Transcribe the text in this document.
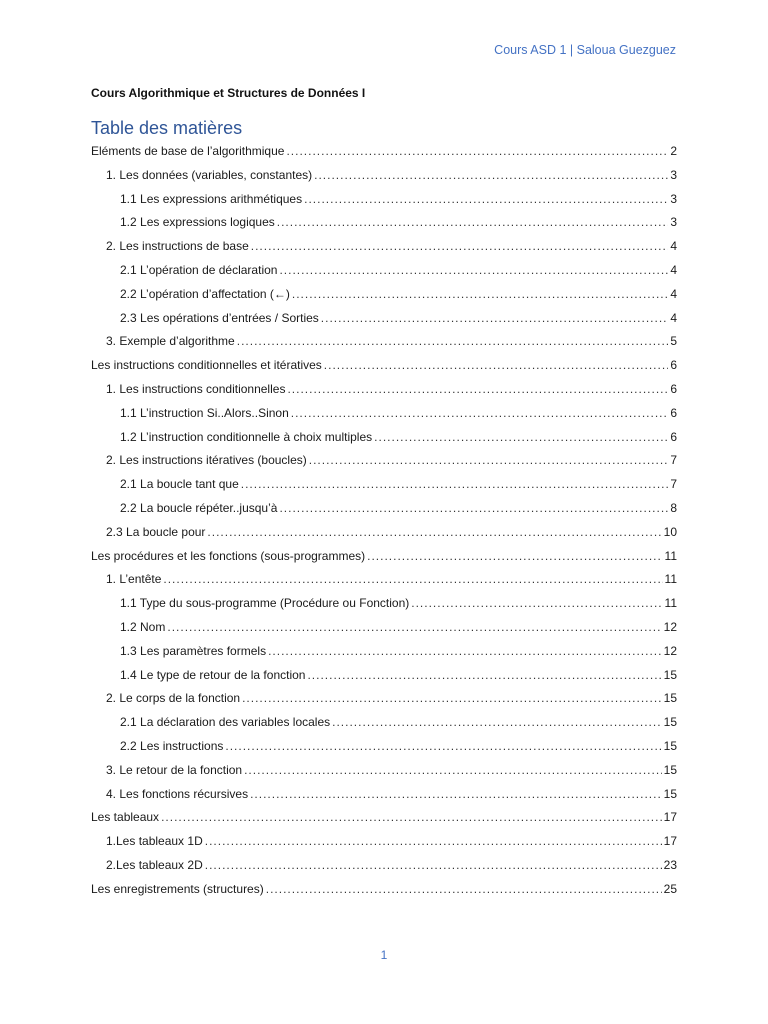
Cours ASD 1 | Saloua Guezguez
Cours Algorithmique et Structures de Données I
Table des matières
Eléments de base de l’algorithmique .....	2
1. Les données (variables, constantes) .....	3
1.1 Les expressions arithmétiques .....	3
1.2 Les expressions logiques .....	3
2. Les instructions de base .....	4
2.1 L’opération de déclaration .....	4
2.2 L’opération d’affectation (←) .....	4
2.3 Les opérations d’entrées / Sorties .....	4
3. Exemple d’algorithme .....	5
Les instructions conditionnelles et itératives .....	6
1. Les instructions conditionnelles .....	6
1.1 L’instruction Si..Alors..Sinon .....	6
1.2 L’instruction conditionnelle à choix multiples .....	6
2. Les instructions itératives (boucles) .....	7
2.1 La boucle tant que .....	7
2.2 La boucle répéter..jusqu’à .....	8
2.3 La boucle pour .....	10
Les procédures et les fonctions (sous-programmes) .....	11
1. L’entête .....	11
1.1 Type du sous-programme (Procédure ou Fonction) .....	11
1.2 Nom .....	12
1.3 Les paramètres formels .....	12
1.4 Le type de retour de la fonction .....	15
2. Le corps de la fonction .....	15
2.1 La déclaration des variables locales .....	15
2.2 Les instructions .....	15
3. Le retour de la fonction .....	15
4. Les fonctions récursives .....	15
Les tableaux .....	17
1.Les tableaux 1D .....	17
2.Les tableaux 2D .....	23
Les enregistrements (structures) .....	25
1
